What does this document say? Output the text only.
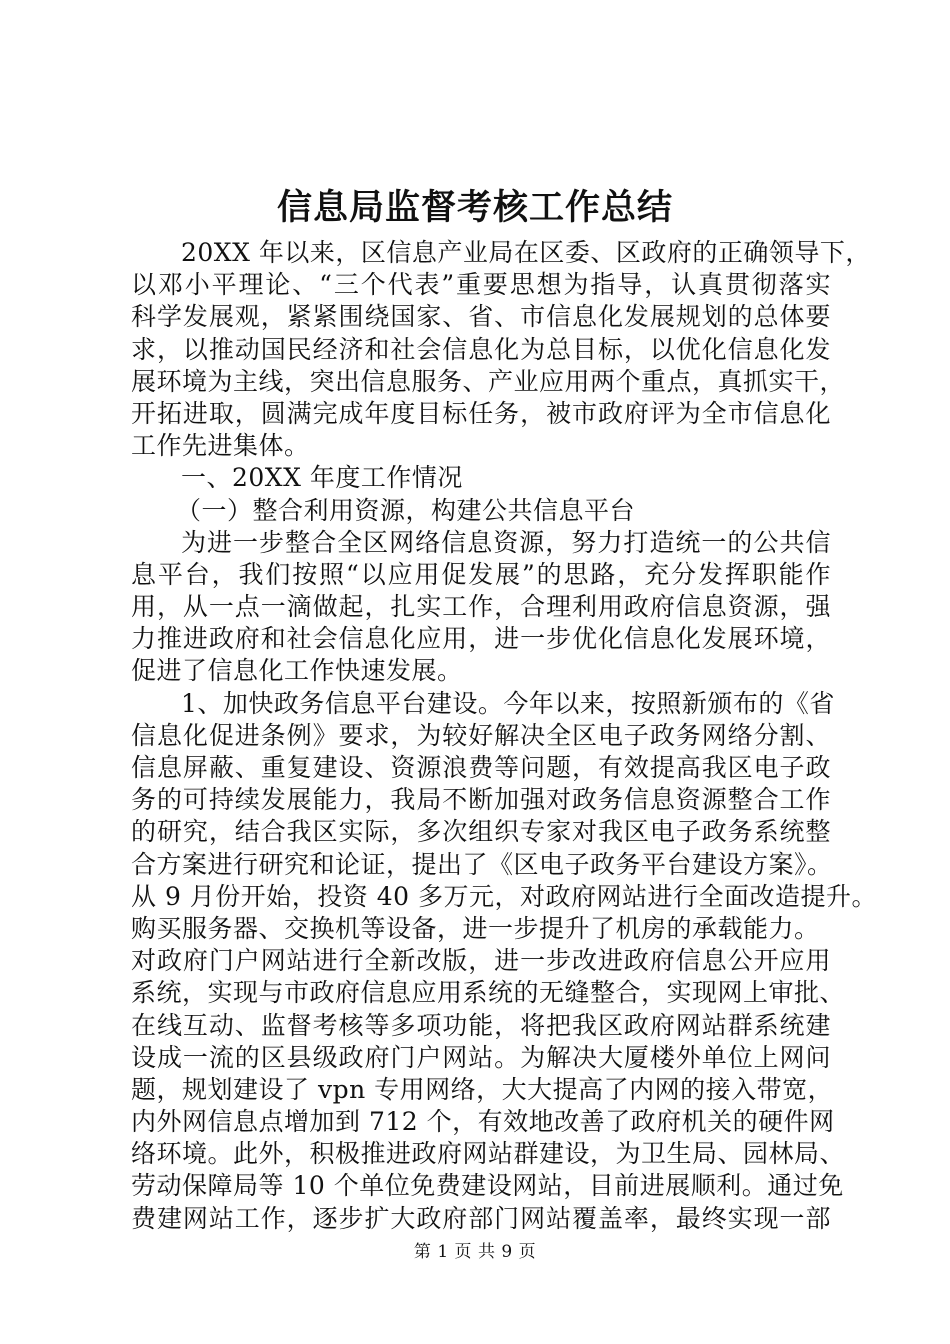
信息局监督考核工作总结
20XX 年以来，区信息产业局在区委、区政府的正确领导下，
以邓小平理论、“三个代表”重要思想为指导，认真贯彻落实
科学发展观，紧紧围绕国家、省、市信息化发展规划的总体要
求，以推动国民经济和社会信息化为总目标，以优化信息化发
展环境为主线，突出信息服务、产业应用两个重点，真抓实干，
开拓进取，圆满完成年度目标任务，被市政府评为全市信息化
工作先进集体。
一、20XX 年度工作情况
（一）整合利用资源，构建公共信息平台
为进一步整合全区网络信息资源，努力打造统一的公共信
息平台，我们按照“以应用促发展”的思路，充分发挥职能作
用，从一点一滴做起，扎实工作，合理利用政府信息资源，强
力推进政府和社会信息化应用，进一步优化信息化发展环境，
促进了信息化工作快速发展。
1、加快政务信息平台建设。今年以来，按照新颁布的《省
信息化促进条例》要求，为较好解决全区电子政务网络分割、
信息屏蔽、重复建设、资源浪费等问题，有效提高我区电子政
务的可持续发展能力，我局不断加强对政务信息资源整合工作
的研究，结合我区实际，多次组织专家对我区电子政务系统整
合方案进行研究和论证，提出了《区电子政务平台建设方案》。
从 9 月份开始，投资 40 多万元，对政府网站进行全面改造提升。
购买服务器、交换机等设备，进一步提升了机房的承载能力。
对政府门户网站进行全新改版，进一步改进政府信息公开应用
系统，实现与市政府信息应用系统的无缝整合，实现网上审批、
在线互动、监督考核等多项功能，将把我区政府网站群系统建
设成一流的区县级政府门户网站。为解决大厦楼外单位上网问
题，规划建设了 vpn 专用网络，大大提高了内网的接入带宽，
内外网信息点增加到 712 个，有效地改善了政府机关的硬件网
络环境。此外，积极推进政府网站群建设，为卫生局、园林局、
劳动保障局等 10 个单位免费建设网站，目前进展顺利。通过免
费建网站工作，逐步扩大政府部门网站覆盖率，最终实现一部
第 1 页 共 9 页
